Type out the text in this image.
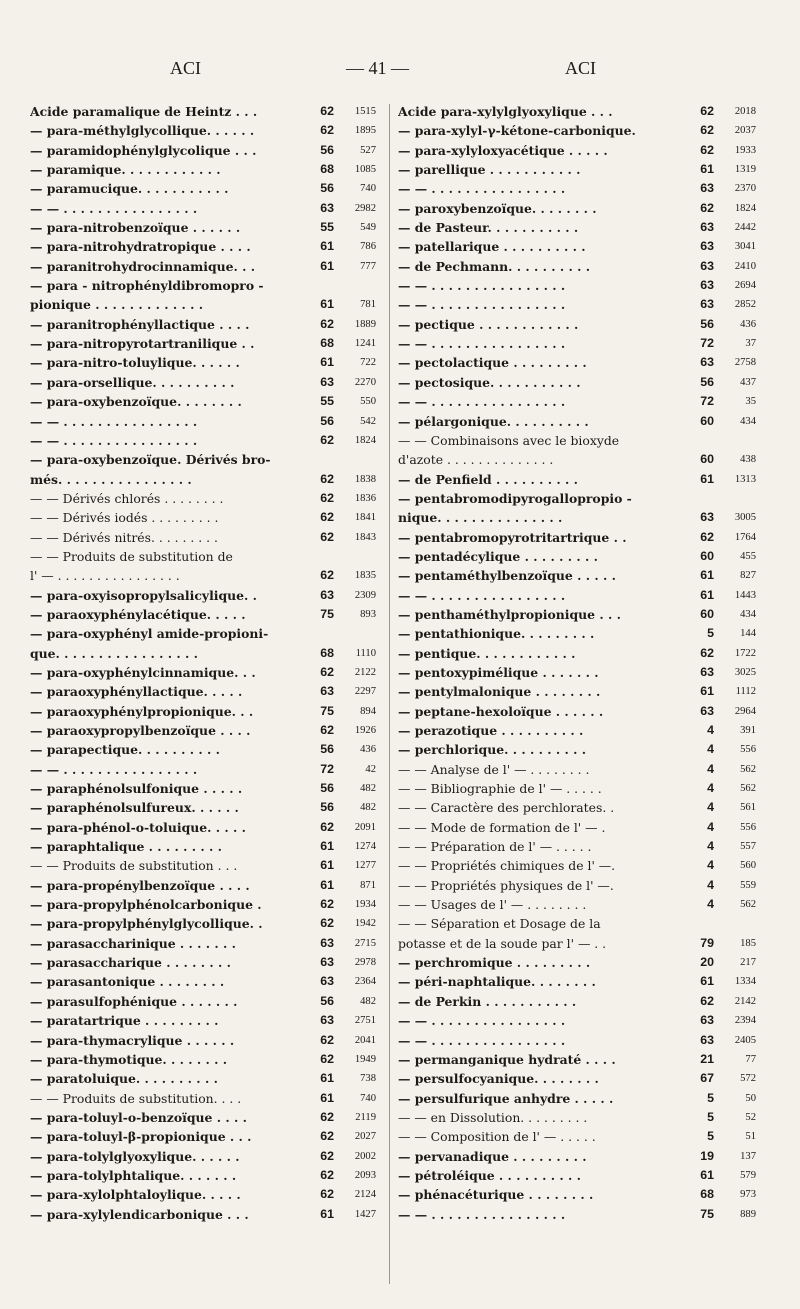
ACI	— 41 —	ACI
Acide paramalique de Heintz . . .	62	1515
— para-méthylglycollique. . . . . .	62	1895
— paramidophénylglycolique . . .	56	527
— paramique. . . . . . . . . . . .	68	1085
— paramucique. . . . . . . . . . .	56	740
— — . . . . . . . . . . . . . . . .	63	2982
— para-nitrobenzoïque . . . . . .	55	549
— para-nitrohydratropique . . . .	61	786
— paranitrohydrocinnamique. . .	61	777
— para - nitrophényldibromopro -
pionique . . . . . . . . . . . . .	61	781
— paranitrophényllactique . . . .	62	1889
— para-nitropyrotartranilique . .	68	1241
— para-nitro-toluylique. . . . . .	61	722
— para-orsellique. . . . . . . . . .	63	2270
— para-oxybenzoïque. . . . . . . .	55	550
— — . . . . . . . . . . . . . . . .	56	542
— — . . . . . . . . . . . . . . . .	62	1824
— para-oxybenzoïque. Dérivés bro-
més. . . . . . . . . . . . . . . .	62	1838
— — Dérivés chlorés . . . . . . . .	62	1836
— — Dérivés iodés . . . . . . . . .	62	1841
— — Dérivés nitrés. . . . . . . . .	62	1843
— — Produits de substitution de
l' — . . . . . . . . . . . . . . . .	62	1835
— para-oxyisopropylsalicylique. .	63	2309
— paraoxyphénylacétique. . . . .	75	893
— para-oxyphényl amide-propioni-
que. . . . . . . . . . . . . . . . .	68	1110
— para-oxyphénylcinnamique. . .	62	2122
— paraoxyphényllactique. . . . .	63	2297
— paraoxyphénylpropionique. . .	75	894
— paraoxypropylbenzoïque . . . .	62	1926
— parapectique. . . . . . . . . .	56	436
— — . . . . . . . . . . . . . . . .	72	42
— paraphénolsulfonique . . . . .	56	482
— paraphénolsulfureux. . . . . .	56	482
— para-phénol-o-toluique. . . . .	62	2091
— paraphtalique . . . . . . . . .	61	1274
— — Produits de substitution . . .	61	1277
— para-propénylbenzoïque . . . .	61	871
— para-propylphénolcarbonique .	62	1934
— para-propylphénylglycollique. .	62	1942
— parasaccharinique . . . . . . .	63	2715
— parasaccharique . . . . . . . .	63	2978
— parasantonique . . . . . . . .	63	2364
— parasulfophénique . . . . . . .	56	482
— paratartrique . . . . . . . . .	63	2751
— para-thymacrylique . . . . . .	62	2041
— para-thymotique. . . . . . . .	62	1949
— paratoluique. . . . . . . . . .	61	738
— — Produits de substitution. . . .	61	740
— para-toluyl-o-benzoïque . . . .	62	2119
— para-toluyl-β-propionique . . .	62	2027
— para-tolylglyoxylique. . . . . .	62	2002
— para-tolylphtalique. . . . . . .	62	2093
— para-xylolphtaloylique. . . . .	62	2124
— para-xylylendicarbonique . . .	61	1427
Acide para-xylylglyoxylique . . .	62	2018
— para-xylyl-γ-kétone-carbonique.	62	2037
— para-xylyloxyacétique . . . . .	62	1933
— parellique . . . . . . . . . . .	61	1319
— — . . . . . . . . . . . . . . . .	63	2370
— paroxybenzoïque. . . . . . . .	62	1824
— de Pasteur. . . . . . . . . . .	63	2442
— patellarique . . . . . . . . . .	63	3041
— de Pechmann. . . . . . . . . .	63	2410
— — . . . . . . . . . . . . . . . .	63	2694
— — . . . . . . . . . . . . . . . .	63	2852
— pectique . . . . . . . . . . . .	56	436
— — . . . . . . . . . . . . . . . .	72	37
— pectolactique . . . . . . . . .	63	2758
— pectosique. . . . . . . . . . .	56	437
— — . . . . . . . . . . . . . . . .	72	35
— pélargonique. . . . . . . . . .	60	434
— — Combinaisons avec le bioxyde
d'azote . . . . . . . . . . . . . .	60	438
— de Penfield . . . . . . . . . .	61	1313
— pentabromodipyrogallopropio -
nique. . . . . . . . . . . . . . .	63	3005
— pentabromopyrotritartrique . .	62	1764
— pentadécylique . . . . . . . . .	60	455
— pentaméthylbenzoïque . . . . .	61	827
— — . . . . . . . . . . . . . . . .	61	1443
— penthaméthylpropionique . . .	60	434
— pentathionique. . . . . . . . .	5	144
— pentique. . . . . . . . . . . .	62	1722
— pentoxypimélique . . . . . . .	63	3025
— pentylmalonique . . . . . . . .	61	1112
— peptane-hexoloïque . . . . . .	63	2964
— perazotique . . . . . . . . . .	4	391
— perchlorique. . . . . . . . . .	4	556
— — Analyse de l' — . . . . . . . .	4	562
— — Bibliographie de l' — . . . . .	4	562
— — Caractère des perchlorates. .	4	561
— — Mode de formation de l' — .	4	556
— — Préparation de l' — . . . . .	4	557
— — Propriétés chimiques de l' —.	4	560
— — Propriétés physiques de l' —.	4	559
— — Usages de l' — . . . . . . . .	4	562
— — Séparation et Dosage de la
potasse et de la soude par l' — . .	79	185
— perchromique . . . . . . . . .	20	217
— péri-naphtalique. . . . . . . .	61	1334
— de Perkin . . . . . . . . . . .	62	2142
— — . . . . . . . . . . . . . . . .	63	2394
— — . . . . . . . . . . . . . . . .	63	2405
— permanganique hydraté . . . .	21	77
— persulfocyanique. . . . . . . .	67	572
— persulfurique anhydre . . . . .	5	50
— — en Dissolution. . . . . . . . .	5	52
— — Composition de l' — . . . . .	5	51
— pervanadique . . . . . . . . .	19	137
— pétroléique . . . . . . . . . .	61	579
— phénacéturique . . . . . . . .	68	973
— — . . . . . . . . . . . . . . . .	75	889
